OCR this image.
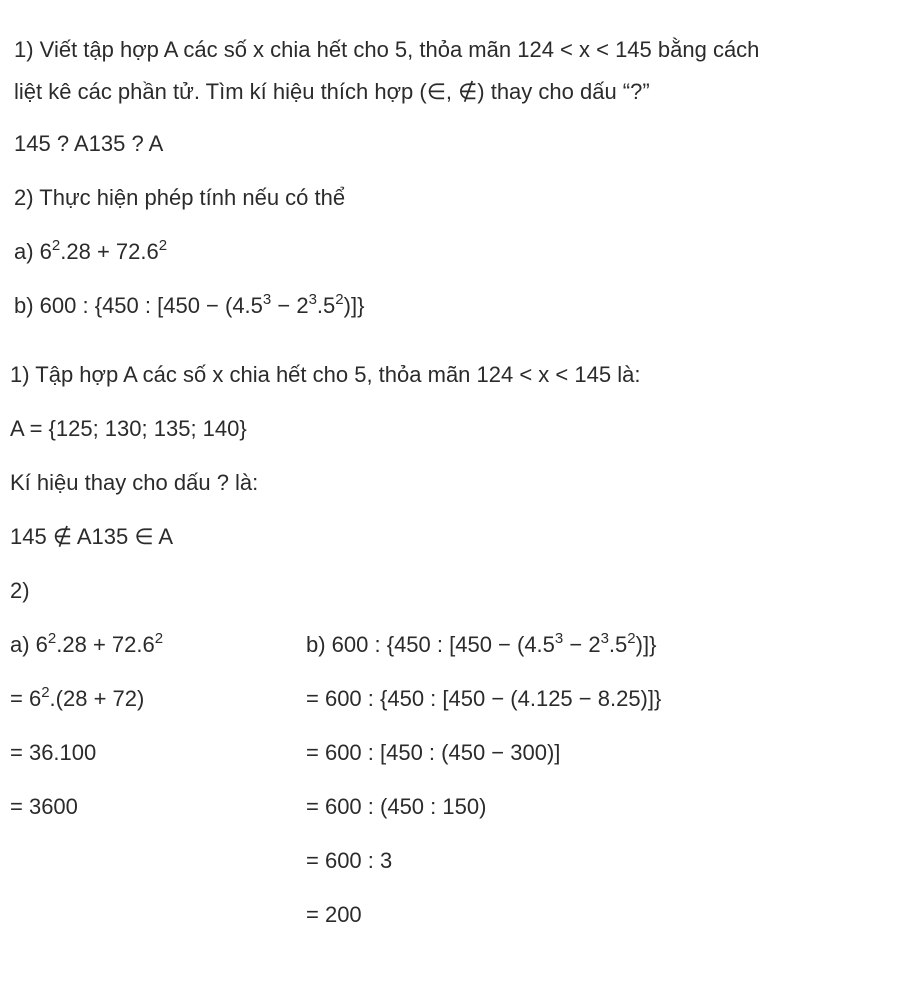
1) Viết tập hợp A các số x chia hết cho 5, thỏa mãn 124 < x < 145 bằng cách

liệt kê các phần tử. Tìm kí hiệu thích hợp (∈, ∉) thay cho dấu “?”

145 ? A135 ? A

2) Thực hiện phép tính nếu có thể

a) $6^2.28 + 72.6^2$

b) 600 : {450 : $[450 - (4.5^3 - 2^3.5^2)]$}

1) Tập hợp A các số x chia hết cho 5, thỏa mãn 124 < x < 145 là:

A = {125; 130; 135; 140}

Kí hiệu thay cho dấu ? là:

145 ∉ A135 ∈ A

2)

a) $6^2.28 + 72.6^2$

= $6^2.(28 + 72)$

= 36.100

= 3600

b) 600 : {450 : $[450 - (4.5^3 - 2^3.5^2)]$}

= 600 : {450 : [450 − (4.125 − 8.25)]}

= 600 : [450 : (450 − 300)]

= 600 : (450 : 150)

= 600 : 3

= 200
